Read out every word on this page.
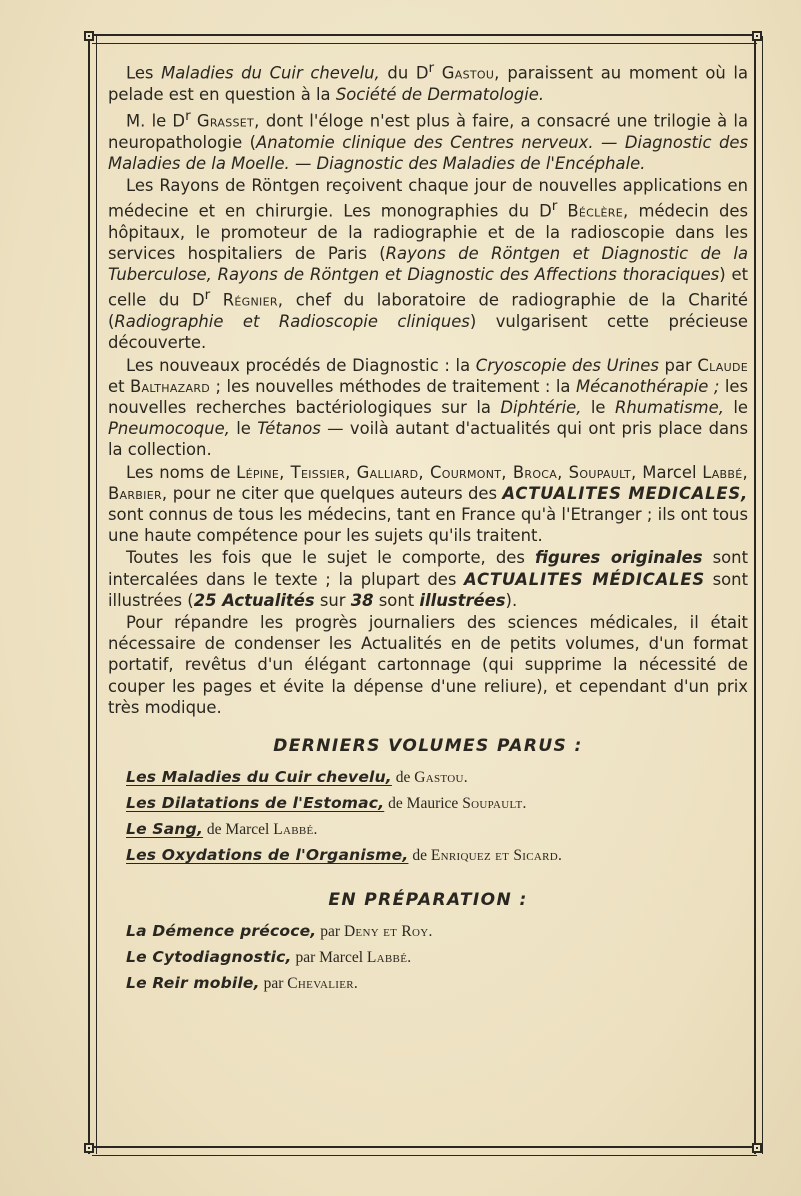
Les Maladies du Cuir chevelu, du $D^r$ Gastou, paraissent au moment où la pelade est en question à la Société de Dermatologie.

M. le $D^r$ Grasset, dont l'éloge n'est plus à faire, a consacré une trilogie à la neuropathologie (Anatomie clinique des Centres nerveux. — Diagnostic des Maladies de la Moelle. — Diagnostic des Maladies de l'Encéphale.

Les Rayons de Röntgen reçoivent chaque jour de nouvelles applications en médecine et en chirurgie. Les monographies du $D^r$ Béclère, médecin des hôpitaux, le promoteur de la radiographie et de la radioscopie dans les services hospitaliers de Paris (Rayons de Röntgen et Diagnostic de la Tuberculose, Rayons de Röntgen et Diagnostic des Affections thoraciques) et celle du $D^r$ Régnier, chef du laboratoire de radiographie de la Charité (Radiographie et Radioscopie cliniques) vulgarisent cette précieuse découverte.

Les nouveaux procédés de Diagnostic : la Cryoscopie des Urines par Claude et Balthazard ; les nouvelles méthodes de traitement : la Mécanothérapie ; les nouvelles recherches bactériologiques sur la Diphtérie, le Rhumatisme, le Pneumocoque, le Tétanos — voilà autant d'actualités qui ont pris place dans la collection.

Les noms de Lépine, Teissier, Galliard, Courmont, Broca, Soupault, Marcel Labbé, Barbier, pour ne citer que quelques auteurs des ACTUALITES MEDICALES, sont connus de tous les médecins, tant en France qu'à l'Etranger ; ils ont tous une haute compétence pour les sujets qu'ils traitent.

Toutes les fois que le sujet le comporte, des figures originales sont intercalées dans le texte ; la plupart des ACTUALITES MÉDICALES sont illustrées (25 Actualités sur 38 sont illustrées).

Pour répandre les progrès journaliers des sciences médicales, il était nécessaire de condenser les Actualités en de petits volumes, d'un format portatif, revêtus d'un élégant cartonnage (qui supprime la nécessité de couper les pages et évite la dépense d'une reliure), et cependant d'un prix très modique.

DERNIERS VOLUMES PARUS :

Les Maladies du Cuir chevelu, de Gastou.

Les Dilatations de l'Estomac, de Maurice Soupault.

Le Sang, de Marcel Labbé.

Les Oxydations de l'Organisme, de Enriquez et Sicard.

EN PRÉPARATION :

La Démence précoce, par Deny et Roy.

Le Cytodiagnostic, par Marcel Labbé.

Le Reir mobile, par Chevalier.
